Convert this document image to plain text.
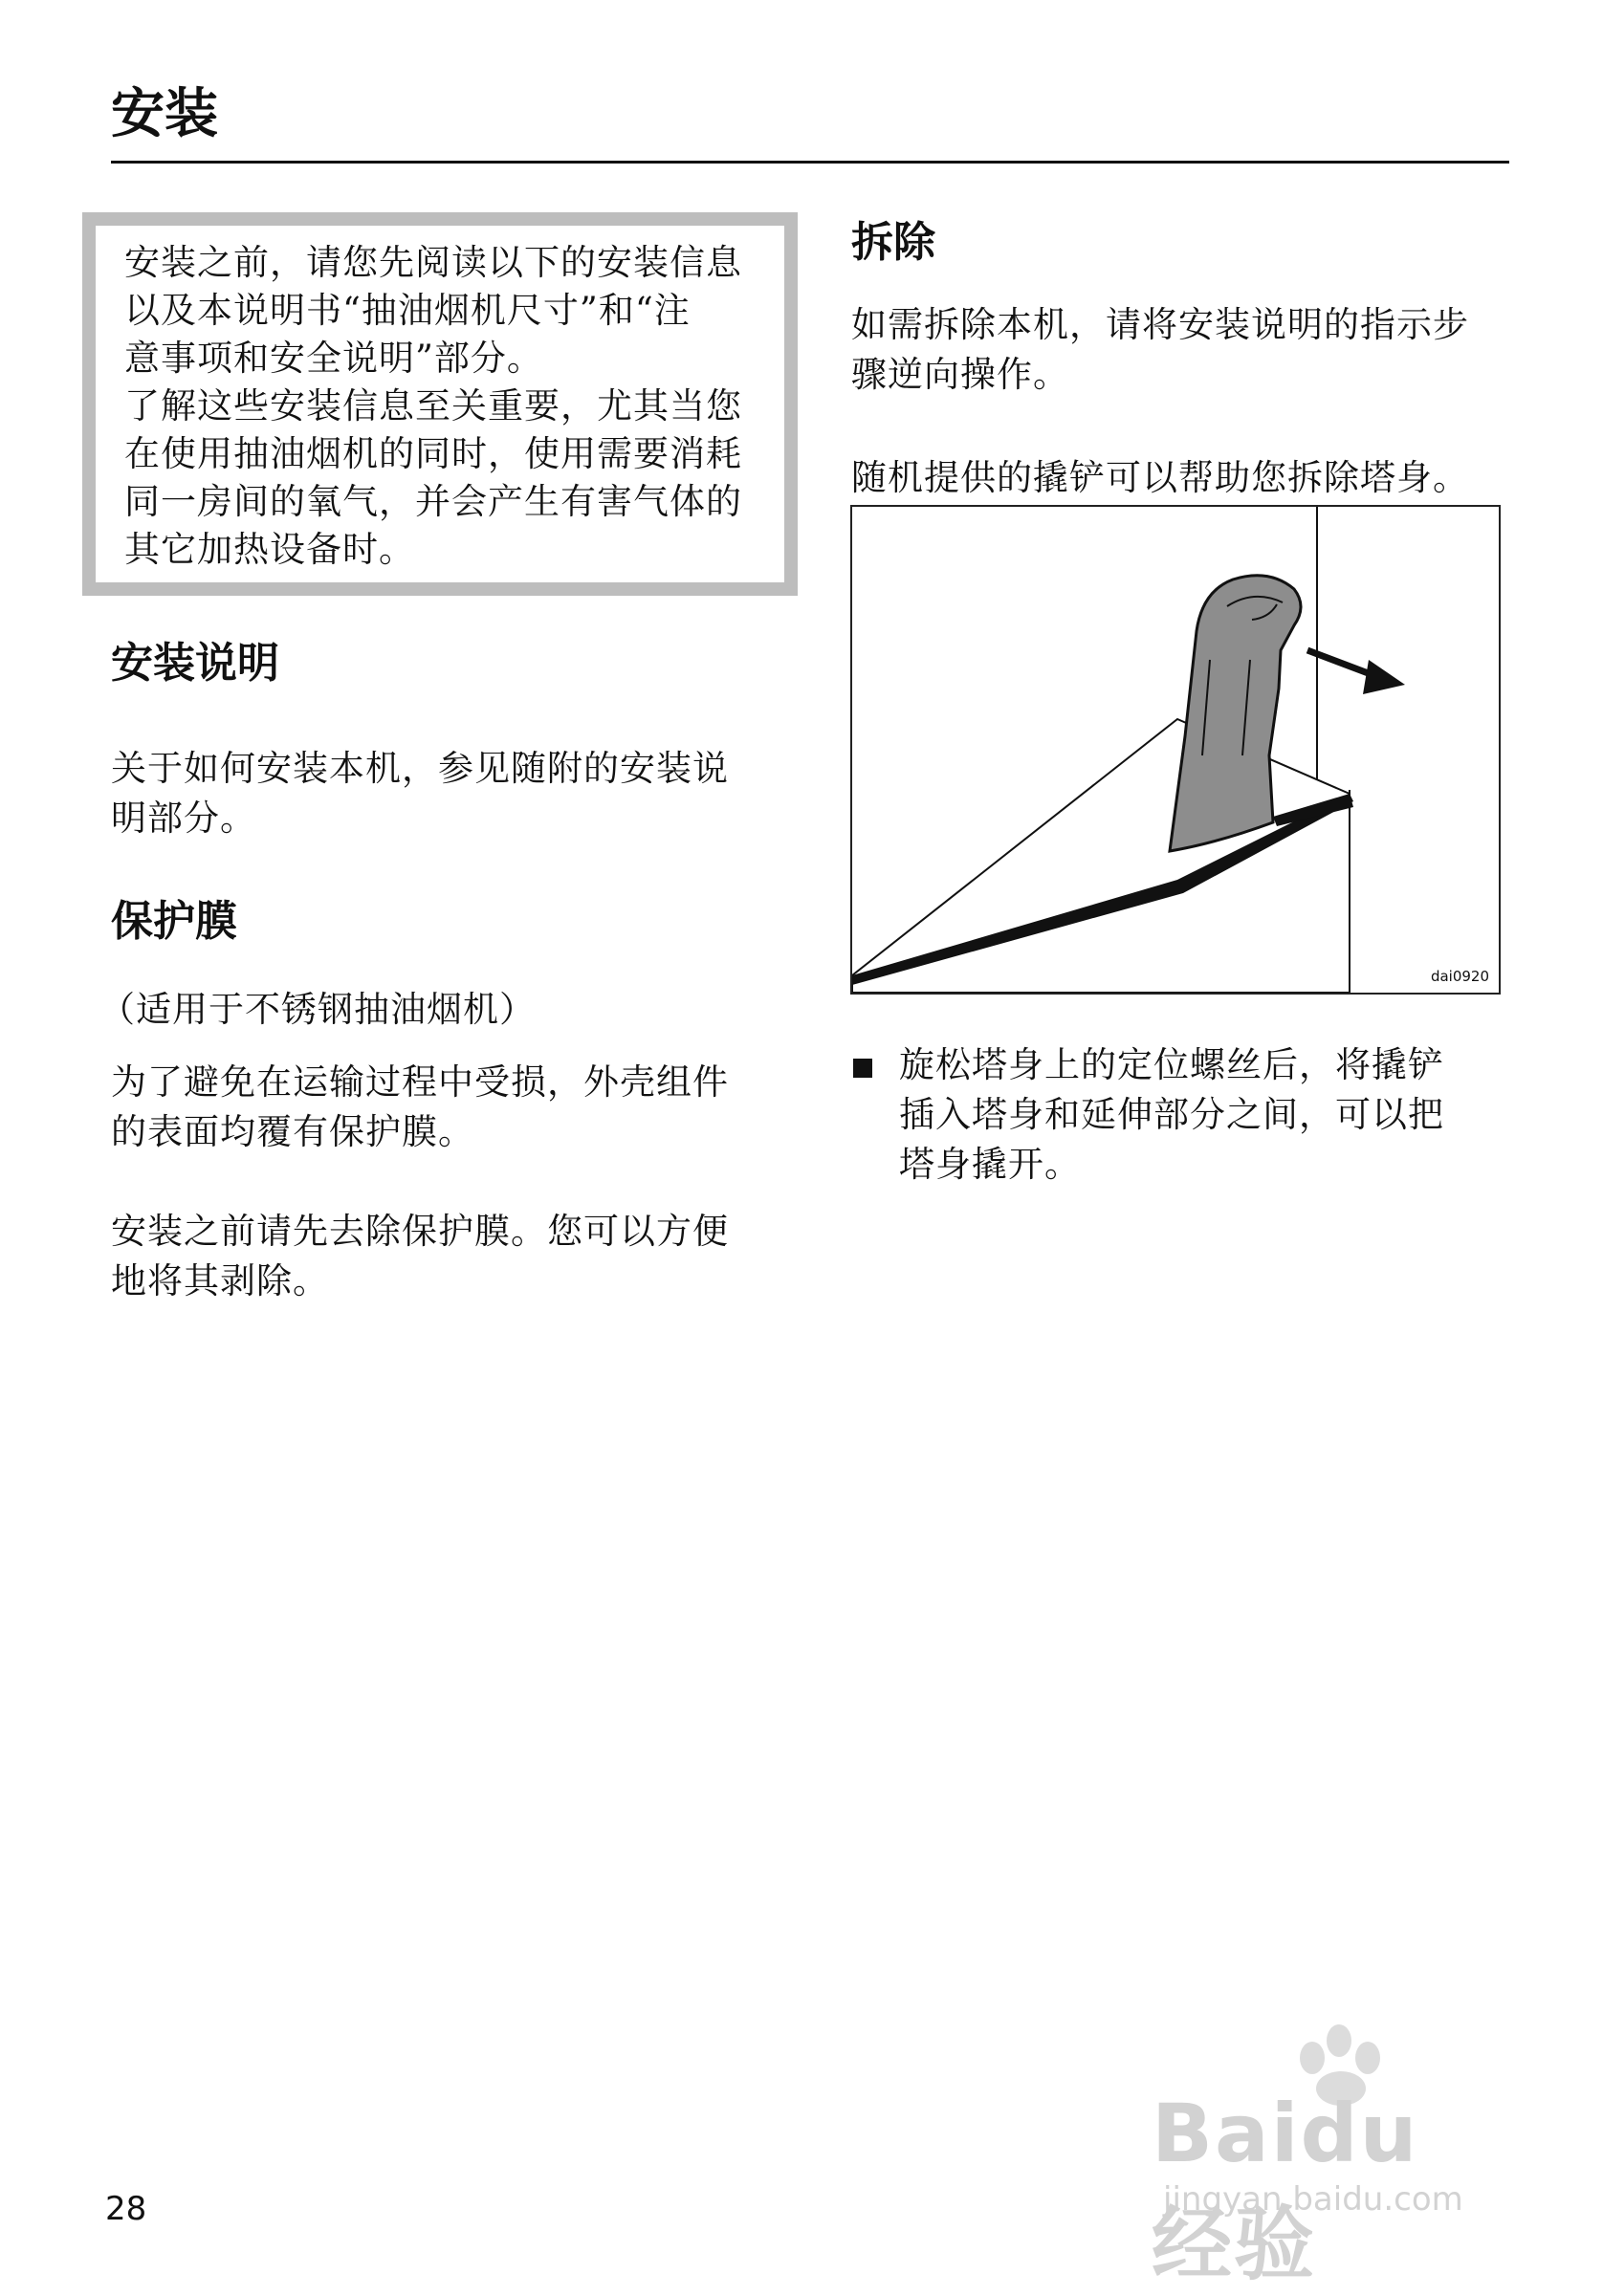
安装
安装之前，请您先阅读以下的安装信息
以及本说明书“抽油烟机尺寸”和“注
意事项和安全说明”部分。
了解这些安装信息至关重要，尤其当您
在使用抽油烟机的同时，使用需要消耗
同一房间的氧气，并会产生有害气体的
其它加热设备时。
安装说明
关于如何安装本机，参见随附的安装说
明部分。
保护膜
（适用于不锈钢抽油烟机）
为了避免在运输过程中受损，外壳组件
的表面均覆有保护膜。
安装之前请先去除保护膜。您可以方便
地将其剥除。
拆除
如需拆除本机，请将安装说明的指示步
骤逆向操作。
随机提供的撬铲可以帮助您拆除塔身。
dai0920
旋松塔身上的定位螺丝后，将撬铲
插入塔身和延伸部分之间，可以把
塔身撬开。
28
Baidu 经验
jingyan.baidu.com
